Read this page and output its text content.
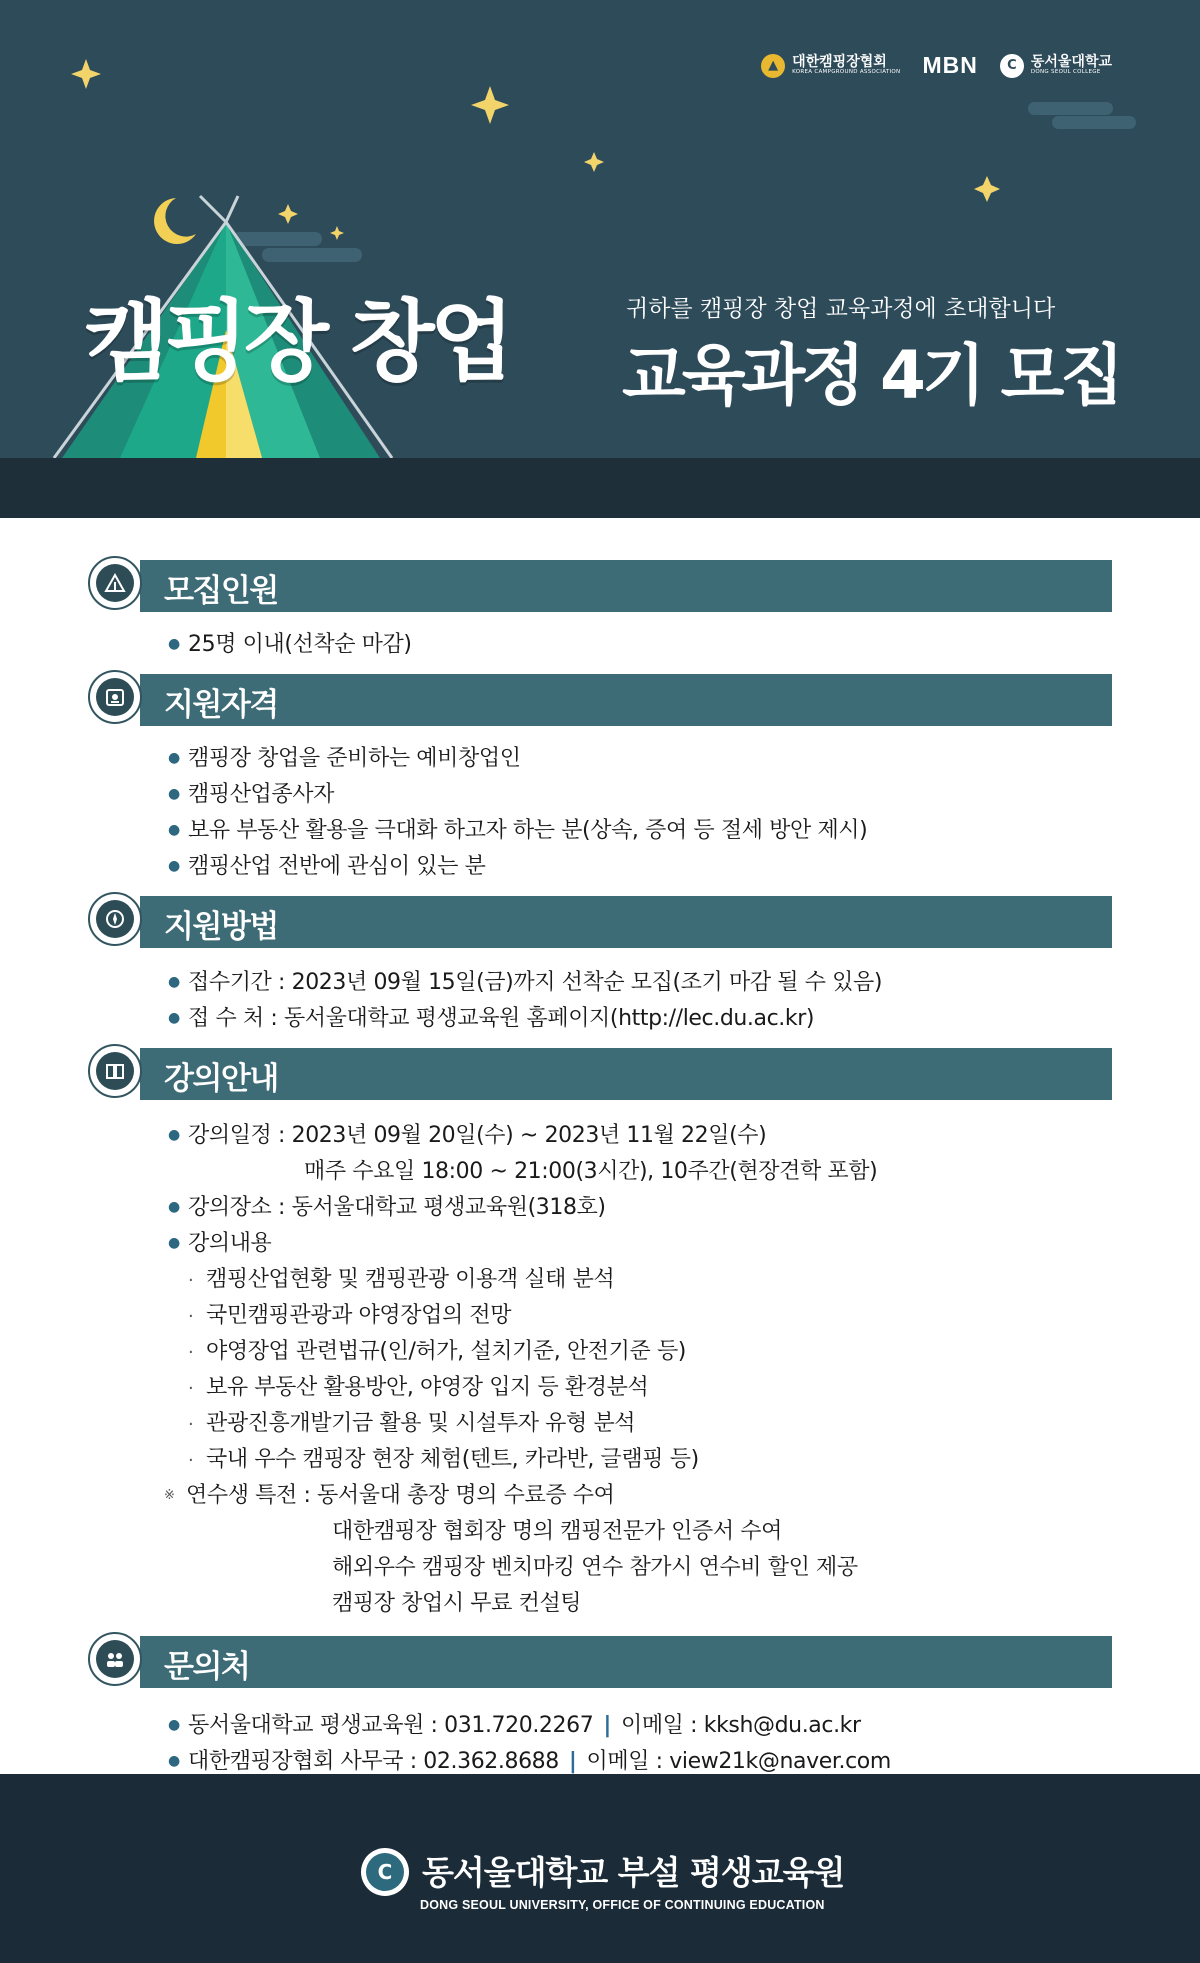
▲	대한캠핑장협회
KOREA CAMPGROUND ASSOCIATION MBN	C	동서울대학교
DONG SEOUL COLLEGE
캠핑장 창업	귀하를 캠핑장 창업 교육과정에 초대합니다
교육과정 4기 모집
모집인원
● 25명 이내(선착순 마감)
지원자격
● 캠핑장 창업을 준비하는 예비창업인
● 캠핑산업종사자
● 보유 부동산 활용을 극대화 하고자 하는 분(상속, 증여 등 절세 방안 제시)
● 캠핑산업 전반에 관심이 있는 분
지원방법
● 접수기간 : 2023년 09월 15일(금)까지 선착순 모집(조기 마감 될 수 있음)
● 접 수 처 : 동서울대학교 평생교육원 홈페이지(http://lec.du.ac.kr)
강의안내
● 강의일정 : 2023년 09월 20일(수) ~ 2023년 11월 22일(수)
매주 수요일 18:00 ~ 21:00(3시간), 10주간(현장견학 포함)
● 강의장소 : 동서울대학교 평생교육원(318호)
● 강의내용
· 캠핑산업현황 및 캠핑관광 이용객 실태 분석
· 국민캠핑관광과 야영장업의 전망
· 야영장업 관련법규(인/허가, 설치기준, 안전기준 등)
· 보유 부동산 활용방안, 야영장 입지 등 환경분석
· 관광진흥개발기금 활용 및 시설투자 유형 분석
· 국내 우수 캠핑장 현장 체험(텐트, 카라반, 글램핑 등)
※ 연수생 특전 : 동서울대 총장 명의 수료증 수여
대한캠핑장 협회장 명의 캠핑전문가 인증서 수여
해외우수 캠핑장 벤치마킹 연수 참가시 연수비 할인 제공
캠핑장 창업시 무료 컨설팅
문의처
● 동서울대학교 평생교육원 : 031.720.2267 | 이메일 : kksh@du.ac.kr
● 대한캠핑장협회 사무국 : 02.362.8688 | 이메일 : view21k@naver.com
C 동서울대학교 부설 평생교육원
DONG SEOUL UNIVERSITY, OFFICE OF CONTINUING EDUCATION
